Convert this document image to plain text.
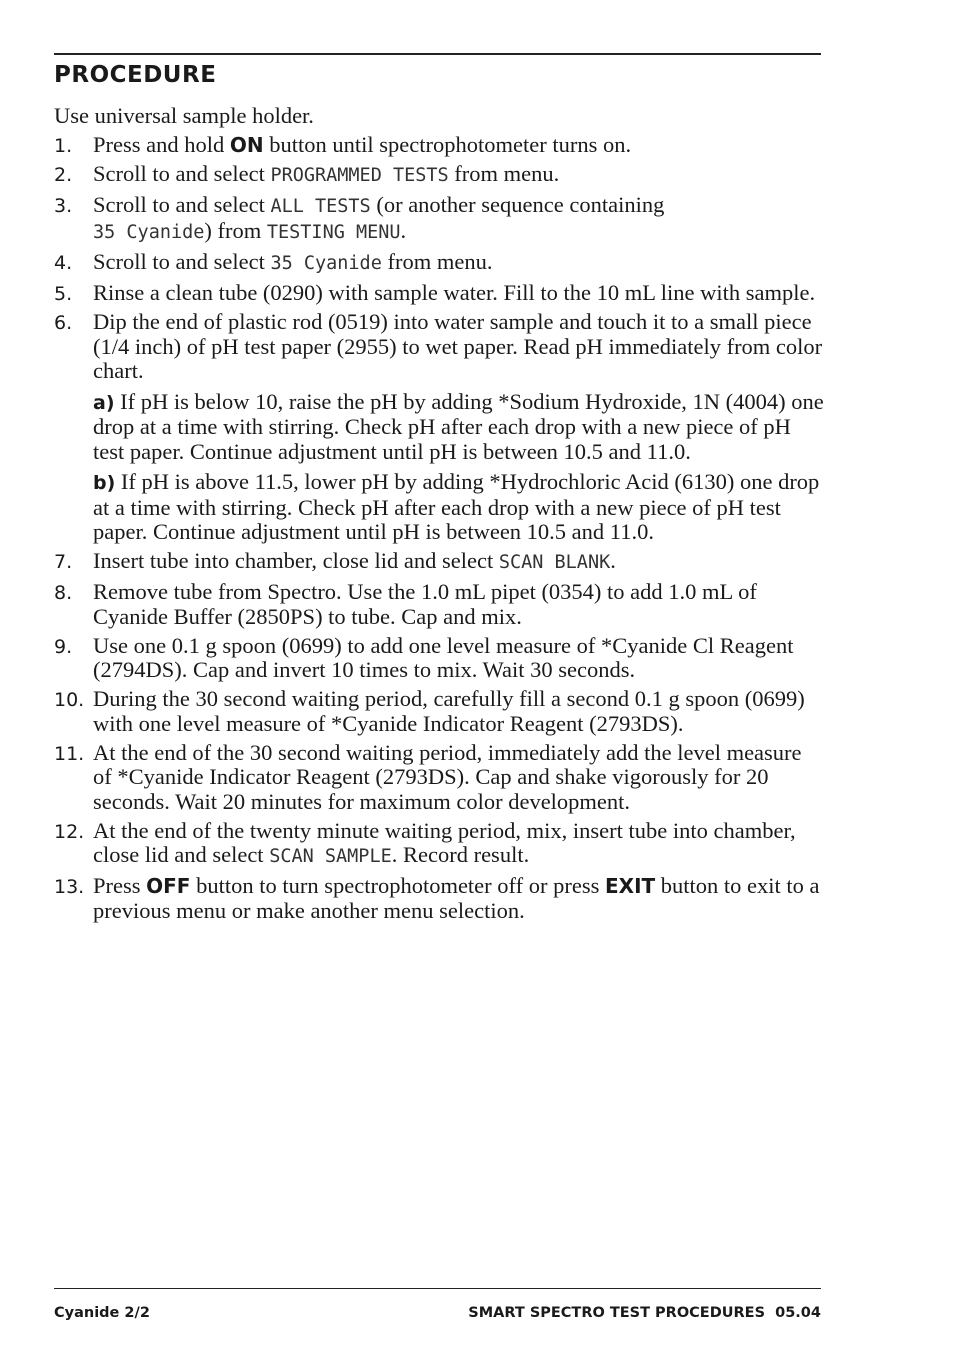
PROCEDURE

Use universal sample holder.

1. Press and hold ON button until spectrophotometer turns on.
2. Scroll to and select PROGRAMMED TESTS from menu.
3. Scroll to and select ALL TESTS (or another sequence containing
35 Cyanide) from TESTING MENU.
4. Scroll to and select 35 Cyanide from menu.
5. Rinse a clean tube (0290) with sample water. Fill to the 10 mL line with sample.
6. Dip the end of plastic rod (0519) into water sample and touch it to a small piece (1/4 inch) of pH test paper (2955) to wet paper. Read pH immediately from color chart.
a) If pH is below 10, raise the pH by adding *Sodium Hydroxide, 1N (4004) one drop at a time with stirring. Check pH after each drop with a new piece of pH test paper. Continue adjustment until pH is between 10.5 and 11.0.
b) If pH is above 11.5, lower pH by adding *Hydrochloric Acid (6130) one drop at a time with stirring. Check pH after each drop with a new piece of pH test paper. Continue adjustment until pH is between 10.5 and 11.0.
7. Insert tube into chamber, close lid and select SCAN BLANK.
8. Remove tube from Spectro. Use the 1.0 mL pipet (0354) to add 1.0 mL of Cyanide Buffer (2850PS) to tube. Cap and mix.
9. Use one 0.1 g spoon (0699) to add one level measure of *Cyanide Cl Reagent (2794DS). Cap and invert 10 times to mix. Wait 30 seconds.
10. During the 30 second waiting period, carefully fill a second 0.1 g spoon (0699) with one level measure of *Cyanide Indicator Reagent (2793DS).
11. At the end of the 30 second waiting period, immediately add the level measure of *Cyanide Indicator Reagent (2793DS). Cap and shake vigorously for 20 seconds. Wait 20 minutes for maximum color development.
12. At the end of the twenty minute waiting period, mix, insert tube into chamber, close lid and select SCAN SAMPLE. Record result.
13. Press OFF button to turn spectrophotometer off or press EXIT button to exit to a previous menu or make another menu selection.
Cyanide 2/2	SMART SPECTRO TEST PROCEDURES  05.04
